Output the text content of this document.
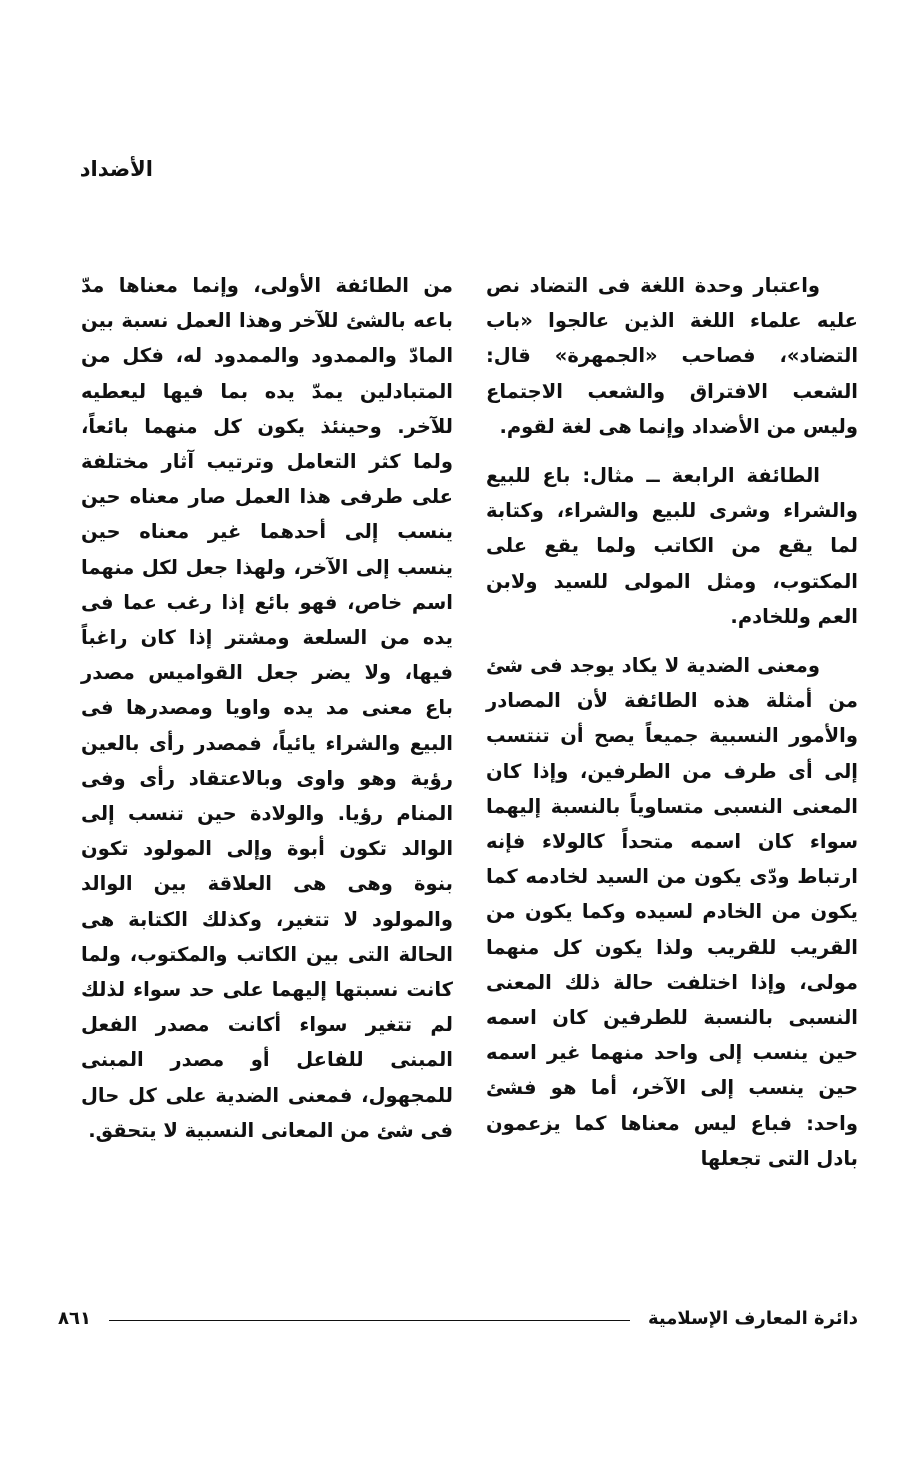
الأضداد

واعتبار وحدة اللغة فى التضاد نص عليه علماء اللغة الذين عالجوا «باب التضاد»، فصاحب «الجمهرة» قال: الشعب الافتراق والشعب الاجتماع وليس من الأضداد وإنما هى لغة لقوم.

الطائفة الرابعة ــ مثال: باع للبيع والشراء وشرى للبيع والشراء، وكتابة لما يقع من الكاتب ولما يقع على المكتوب، ومثل المولى للسيد ولابن العم وللخادم.

ومعنى الضدية لا يكاد يوجد فى شئ من أمثلة هذه الطائفة لأن المصادر والأمور النسبية جميعاً يصح أن تنتسب إلى أى طرف من الطرفين، وإذا كان المعنى النسبى متساوياً بالنسبة إليهما سواء كان اسمه متحداً كالولاء فإنه ارتباط ودّى يكون من السيد لخادمه كما يكون من الخادم لسيده وكما يكون من القريب للقريب ولذا يكون كل منهما مولى، وإذا اختلفت حالة ذلك المعنى النسبى بالنسبة للطرفين كان اسمه حين ينسب إلى واحد منهما غير اسمه حين ينسب إلى الآخر، أما هو فشئ واحد: فباع ليس معناها كما يزعمون بادل التى تجعلها

من الطائفة الأولى، وإنما معناها مدّ باعه بالشئ للآخر وهذا العمل نسبة بين المادّ والممدود والممدود له، فكل من المتبادلين يمدّ يده بما فيها ليعطيه للآخر. وحينئذ يكون كل منهما بائعاً، ولما كثر التعامل وترتيب آثار مختلفة على طرفى هذا العمل صار معناه حين ينسب إلى أحدهما غير معناه حين ينسب إلى الآخر، ولهذا جعل لكل منهما اسم خاص، فهو بائع إذا رغب عما فى يده من السلعة ومشتر إذا كان راغباً فيها، ولا يضر جعل القواميس مصدر باع معنى مد يده واويا ومصدرها فى البيع والشراء يائياً، فمصدر رأى بالعين رؤية وهو واوى وبالاعتقاد رأى وفى المنام رؤيا. والولادة حين تنسب إلى الوالد تكون أبوة وإلى المولود تكون بنوة وهى هى العلاقة بين الوالد والمولود لا تتغير، وكذلك الكتابة هى الحالة التى بين الكاتب والمكتوب، ولما كانت نسبتها إليهما على حد سواء لذلك لم تتغير سواء أكانت مصدر الفعل المبنى للفاعل أو مصدر المبنى للمجهول، فمعنى الضدية على كل حال فى شئ من المعانى النسبية لا يتحقق.

دائرة المعارف الإسلامية
٨٦١
